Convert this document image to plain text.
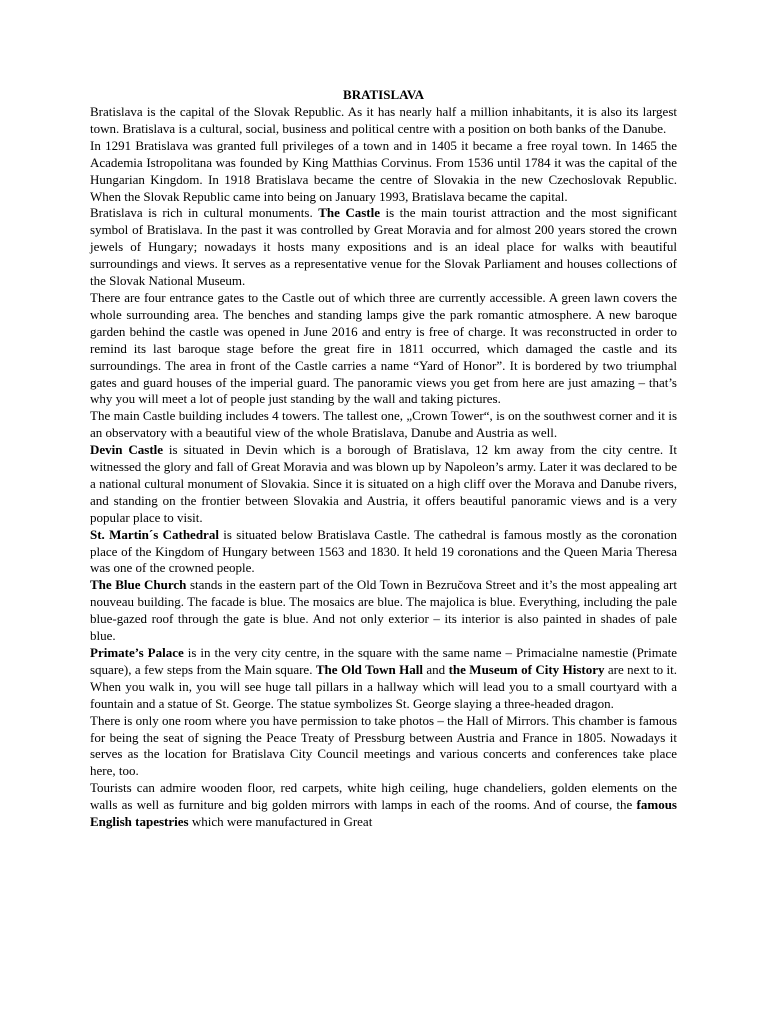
BRATISLAVA

Bratislava is the capital of the Slovak Republic. As it has nearly half a million inhabitants, it is also its largest town. Bratislava is a cultural, social, business and political centre with a position on both banks of the Danube.

In 1291 Bratislava was granted full privileges of a town and in 1405 it became a free royal town. In 1465 the Academia Istropolitana was founded by King Matthias Corvinus. From 1536 until 1784 it was the capital of the Hungarian Kingdom. In 1918 Bratislava became the centre of Slovakia in the new Czechoslovak Republic. When the Slovak Republic came into being on January 1993, Bratislava became the capital.

Bratislava is rich in cultural monuments. The Castle is the main tourist attraction and the most significant symbol of Bratislava. In the past it was controlled by Great Moravia and for almost 200 years stored the crown jewels of Hungary; nowadays it hosts many expositions and is an ideal place for walks with beautiful surroundings and views. It serves as a representative venue for the Slovak Parliament and houses collections of the Slovak National Museum.

There are four entrance gates to the Castle out of which three are currently accessible. A green lawn covers the whole surrounding area. The benches and standing lamps give the park romantic atmosphere. A new baroque garden behind the castle was opened in June 2016 and entry is free of charge. It was reconstructed in order to remind its last baroque stage before the great fire in 1811 occurred, which damaged the castle and its surroundings. The area in front of the Castle carries a name “Yard of Honor”. It is bordered by two triumphal gates and guard houses of the imperial guard. The panoramic views you get from here are just amazing – that’s why you will meet a lot of people just standing by the wall and taking pictures.

The main Castle building includes 4 towers. The tallest one, „Crown Tower“, is on the southwest corner and it is an observatory with a beautiful view of the whole Bratislava, Danube and Austria as well.

Devin Castle is situated in Devin which is a borough of Bratislava, 12 km away from the city centre. It witnessed the glory and fall of Great Moravia and was blown up by Napoleon’s army. Later it was declared to be a national cultural monument of Slovakia. Since it is situated on a high cliff over the Morava and Danube rivers, and standing on the frontier between Slovakia and Austria, it offers beautiful panoramic views and is a very popular place to visit.

St. Martin´s Cathedral is situated below Bratislava Castle. The cathedral is famous mostly as the coronation place of the Kingdom of Hungary between 1563 and 1830. It held 19 coronations and the Queen Maria Theresa was one of the crowned people.

The Blue Church stands in the eastern part of the Old Town in Bezručova Street and it’s the most appealing art nouveau building. The facade is blue. The mosaics are blue. The majolica is blue. Everything, including the pale blue-gazed roof through the gate is blue. And not only exterior – its interior is also painted in shades of pale blue.

Primate’s Palace is in the very city centre, in the square with the same name – Primacialne namestie (Primate square), a few steps from the Main square. The Old Town Hall and the Museum of City History are next to it. When you walk in, you will see huge tall pillars in a hallway which will lead you to a small courtyard with a fountain and a statue of St. George. The statue symbolizes St. George slaying a three-headed dragon.

There is only one room where you have permission to take photos – the Hall of Mirrors. This chamber is famous for being the seat of signing the Peace Treaty of Pressburg between Austria and France in 1805. Nowadays it serves as the location for Bratislava City Council meetings and various concerts and conferences take place here, too.

Tourists can admire wooden floor, red carpets, white high ceiling, huge chandeliers, golden elements on the walls as well as furniture and big golden mirrors with lamps in each of the rooms. And of course, the famous English tapestries which were manufactured in Great
